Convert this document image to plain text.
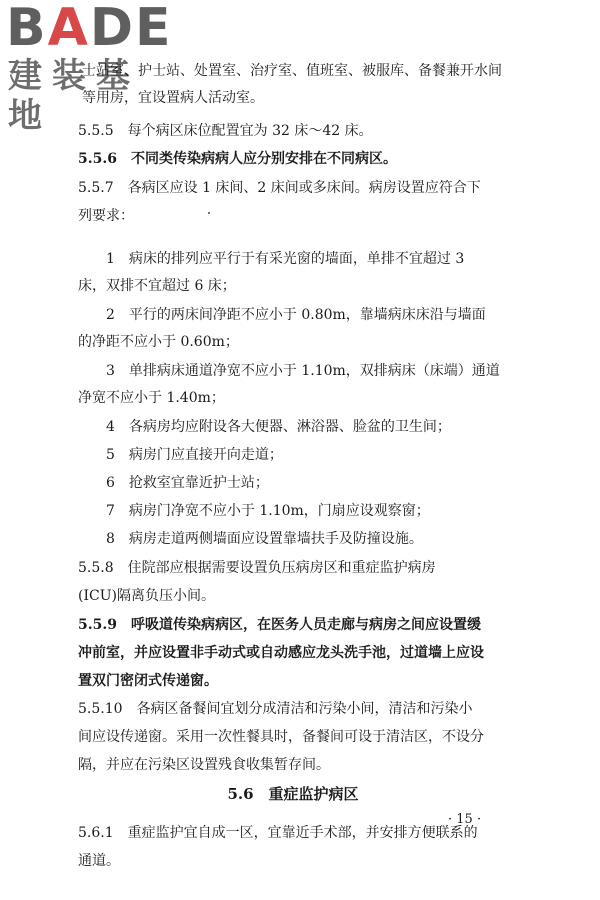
BADE
建装基地
士站室、护士站、处置室、治疗室、值班室、被服库、备餐兼开水间
等用房，宜设置病人活动室。
5.5.5　每个病区床位配置宜为 32 床～42 床。
5.5.6　不同类传染病病人应分别安排在不同病区。
5.5.7　各病区应设 1 床间、2 床间或多床间。病房设置应符合下
列要求：
1　病床的排列应平行于有采光窗的墙面，单排不宜超过 3
床，双排不宜超过 6 床；
2　平行的两床间净距不应小于 0.80m，靠墙病床床沿与墙面
的净距不应小于 0.60m；
3　单排病床通道净宽不应小于 1.10m，双排病床（床端）通道
净宽不应小于 1.40m；
4　各病房均应附设各大便器、淋浴器、脸盆的卫生间；
5　病房门应直接开向走道；
6　抢救室宜靠近护士站；
7　病房门净宽不应小于 1.10m，门扇应设观察窗；
8　病房走道两侧墙面应设置靠墙扶手及防撞设施。
5.5.8　住院部应根据需要设置负压病房区和重症监护病房
(ICU)隔离负压小间。
5.5.9　呼吸道传染病病区，在医务人员走廊与病房之间应设置缓
冲前室，并应设置非手动式或自动感应龙头洗手池，过道墙上应设
置双门密闭式传递窗。
5.5.10　各病区备餐间宜划分成清洁和污染小间，清洁和污染小
间应设传递窗。采用一次性餐具时，备餐间可设于清洁区，不设分
隔，并应在污染区设置残食收集暂存间。
5.6　重症监护病区
5.6.1　重症监护宜自成一区，宜靠近手术部，并安排方便联系的
通道。
· 15 ·
